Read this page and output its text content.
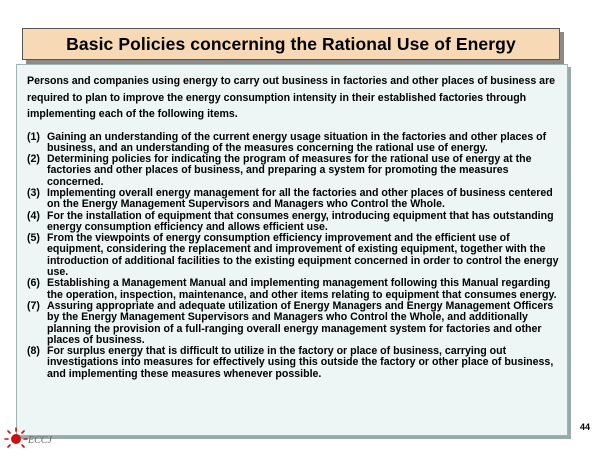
Basic Policies concerning the Rational Use of Energy

Persons and companies using energy to carry out business in factories and other places of business are required to plan to improve the energy consumption intensity in their established factories through implementing each of the following items.

(1) Gaining an understanding of the current energy usage situation in the factories and other places of business, and an understanding of the measures concerning the rational use of energy.
(2) Determining policies for indicating the program of measures for the rational use of energy at the factories and other places of business, and preparing a system for promoting the measures concerned.
(3) Implementing overall energy management for all the factories and other places of business centered on the Energy Management Supervisors and Managers who Control the Whole.
(4) For the installation of equipment that consumes energy, introducing equipment that has outstanding energy consumption efficiency and allows efficient use.
(5) From the viewpoints of energy consumption efficiency improvement and the efficient use of equipment, considering the replacement and improvement of existing equipment, together with the introduction of additional facilities to the existing equipment concerned in order to control the energy use.
(6) Establishing a Management Manual and implementing management following this Manual regarding the operation, inspection, maintenance, and other items relating to equipment that consumes energy.
(7) Assuring appropriate and adequate utilization of Energy Managers and Energy Management Officers by the Energy Management Supervisors and Managers who Control the Whole, and additionally planning the provision of a full-ranging overall energy management system for factories and other places of business.
(8) For surplus energy that is difficult to utilize in the factory or place of business, carrying out investigations into measures for effectively using this outside the factory or other place of business, and implementing these measures whenever possible.
ECCJ
44
